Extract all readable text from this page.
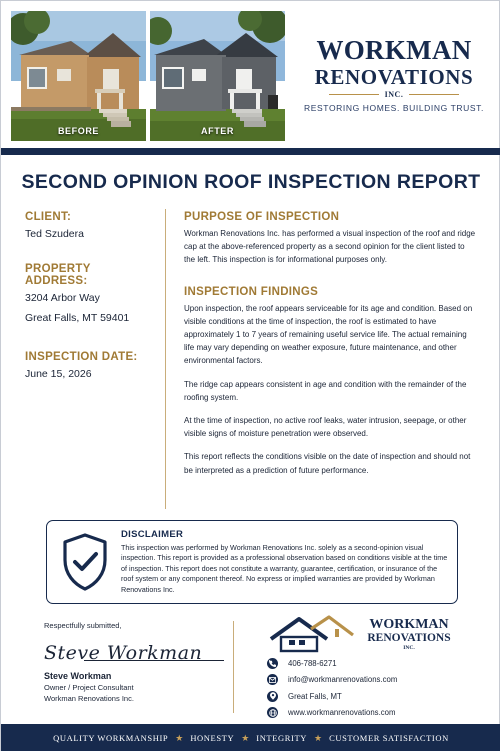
BEFORE	AFTER
WORKMAN
RENOVATIONS
INC.
RESTORING HOMES. BUILDING TRUST.
SECOND OPINION ROOF INSPECTION REPORT
CLIENT:
Ted Szudera
PROPERTY ADDRESS:
3204 Arbor Way
Great Falls, MT 59401
INSPECTION DATE:
June 15, 2026
PURPOSE OF INSPECTION
Workman Renovations Inc. has performed a visual inspection of the roof and ridge cap at the above-referenced property as a second opinion for the client listed to the left. This inspection is for informational purposes only.
INSPECTION FINDINGS
Upon inspection, the roof appears serviceable for its age and condition. Based on visible conditions at the time of inspection, the roof is estimated to have approximately 1 to 7 years of remaining useful service life. The actual remaining life may vary depending on weather exposure, future maintenance, and other environmental factors.
The ridge cap appears consistent in age and condition with the remainder of the roofing system.
At the time of inspection, no active roof leaks, water intrusion, seepage, or other visible signs of moisture penetration were observed.
This report reflects the conditions visible on the date of inspection and should not be interpreted as a prediction of future performance.
DISCLAIMER
This inspection was performed by Workman Renovations Inc. solely as a second-opinion visual inspection. This report is provided as a professional observation based on conditions visible at the time of inspection. This report does not constitute a warranty, guarantee, certification, or insurance of the roof system or any component thereof. No express or implied warranties are provided by Workman Renovations Inc.
Respectfully submitted,
Steve Workman
Steve Workman
Owner / Project Consultant
Workman Renovations Inc.
WORKMAN
RENOVATIONS
INC.
406-788-6271
info@workmanrenovations.com
Great Falls, MT
www.workmanrenovations.com
QUALITY WORKMANSHIP ★ HONESTY ★ INTEGRITY ★ CUSTOMER SATISFACTION
